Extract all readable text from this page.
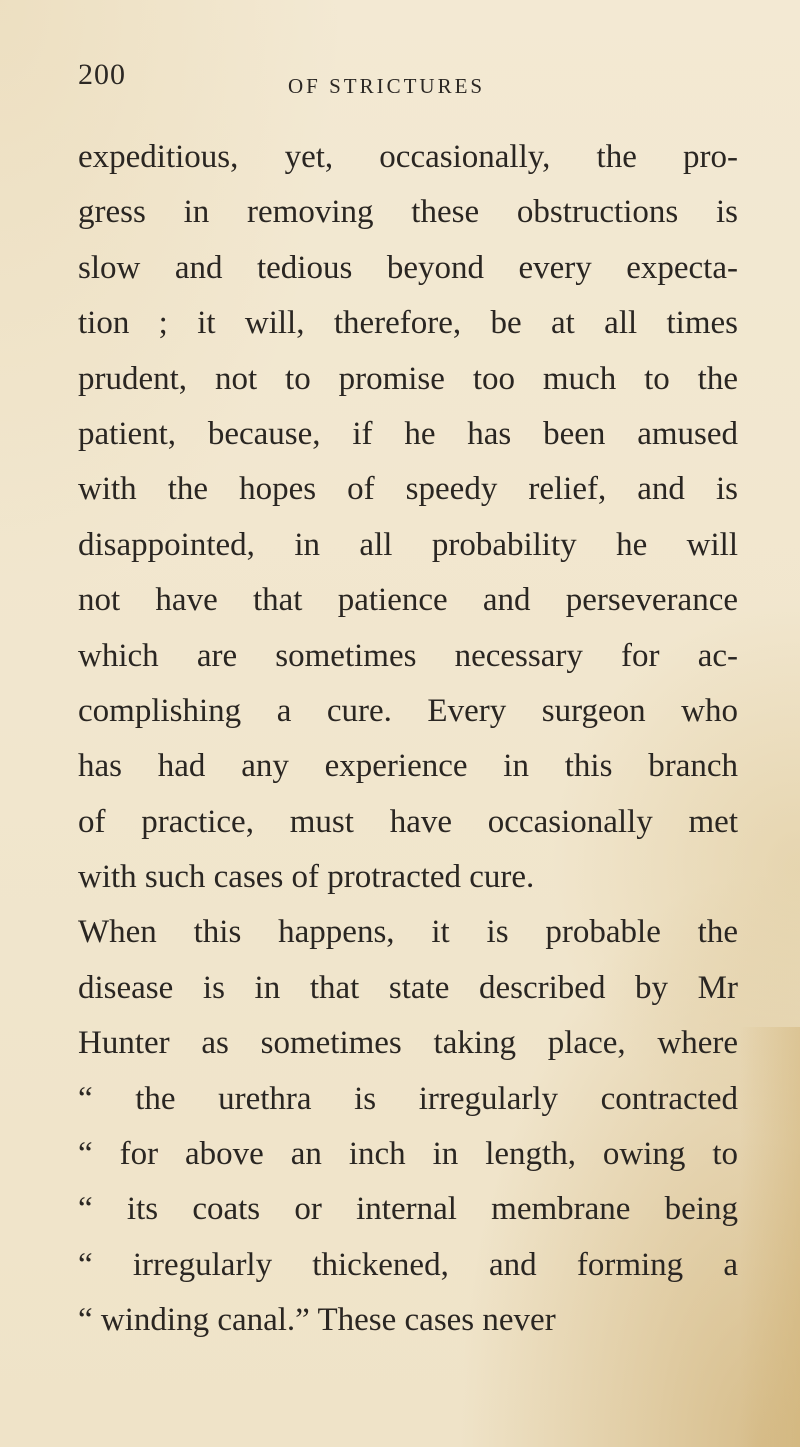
200	OF STRICTURES
expeditious, yet, occasionally, the pro-
gress in removing these obstructions is
slow and tedious beyond every expecta-
tion ; it will, therefore, be at all times
prudent, not to promise too much to the
patient, because, if he has been amused
with the hopes of speedy relief, and is
disappointed, in all probability he will
not have that patience and perseverance
which are sometimes necessary for ac-
complishing a cure. Every surgeon who
has had any experience in this branch
of practice, must have occasionally met
with such cases of protracted cure.
When this happens, it is probable the
disease is in that state described by Mr
Hunter as sometimes taking place, where
“ the urethra is irregularly contracted
“ for above an inch in length, owing to
“ its coats or internal membrane being
“ irregularly thickened, and forming a
“ winding canal.” These cases never
